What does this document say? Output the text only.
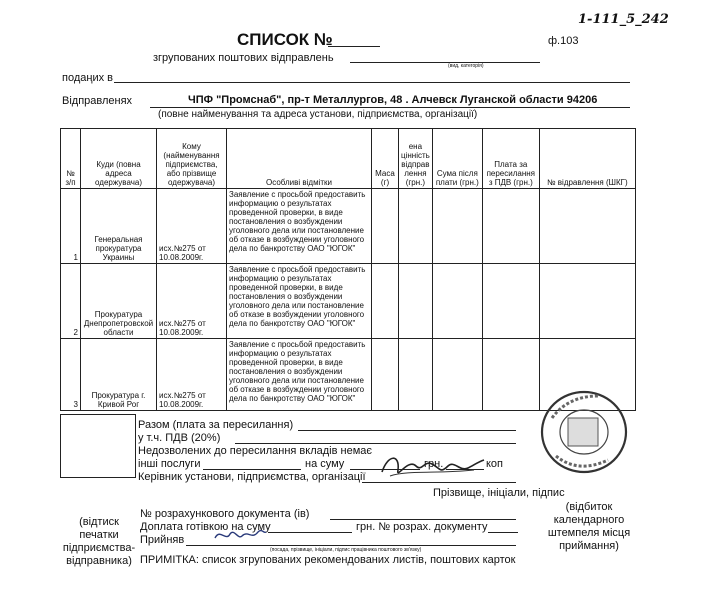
1-111_5_242
СПИСОК №	ф.103
згрупованих поштових відправлень
(вид, категорія)
подаңих в
Відправленях	ЧПФ "Промснаб", пр-т Металлургов, 48 . Алчевск Луганской области 94206
(повне найменування та адреса установи, підприємства, організації)
№ з/п	Куди (повна адреса одержувача)	Кому (найменування підприємства, або прізвище одержувача)	Особливі відмітки	Маса (г)	ена цінність відправ лення (грн.)	Сума після плати (грн.)	Плата за пересилання з ПДВ (грн.)	№ відравлення (ШКГ)
1	Генеральная прокуратура Украины	исх.№275 от 10.08.2009г.	Заявление с просьбой предоставить информацию о результатах проведенной проверки, в виде постановления о возбуждении уголовного дела или постановление об отказе в возбуждении уголовного дела по банкротству ОАО "ЮГОК"					
2	Прокуратура Днепропетровской области	исх.№275 от 10.08.2009г.	Заявление с просьбой предоставить информацию о результатах проведенной проверки, в виде постановления о возбуждении уголовного дела или постановление об отказе в возбуждении уголовного дела по банкротству ОАО "ЮГОК"					
3	Прокуратура г. Кривой Рог	исх.№275 от 10.08.2009г.	Заявление с просьбой предоставить информацию о результатах проведенной проверки, в виде постановления о возбуждении уголовного дела или постановление об отказе в возбуждении уголовного дела по банкротству ОАО "ЮГОК"					
Разом (плата за пересилання)
у т.ч. ПДВ (20%)
Недозволених до пересилання вкладів немає
інші послуги	на суму	грн.	коп
Керівник установи, підприємства, організації
Прізвище, ініціали, підпис
№ розрахункового документа (ів)
Доплата готівкою на суму	грн. № розрах. документу
Прийняв
(посада, прізвище, ініціали, підпис працівника поштового зв'язку)
ПРИМІТКА: список згрупованих рекомендованих листів, поштових карток
(відтиск печатки підприємства-відправника)
(відбиток календарного штемпеля місця приймання)
